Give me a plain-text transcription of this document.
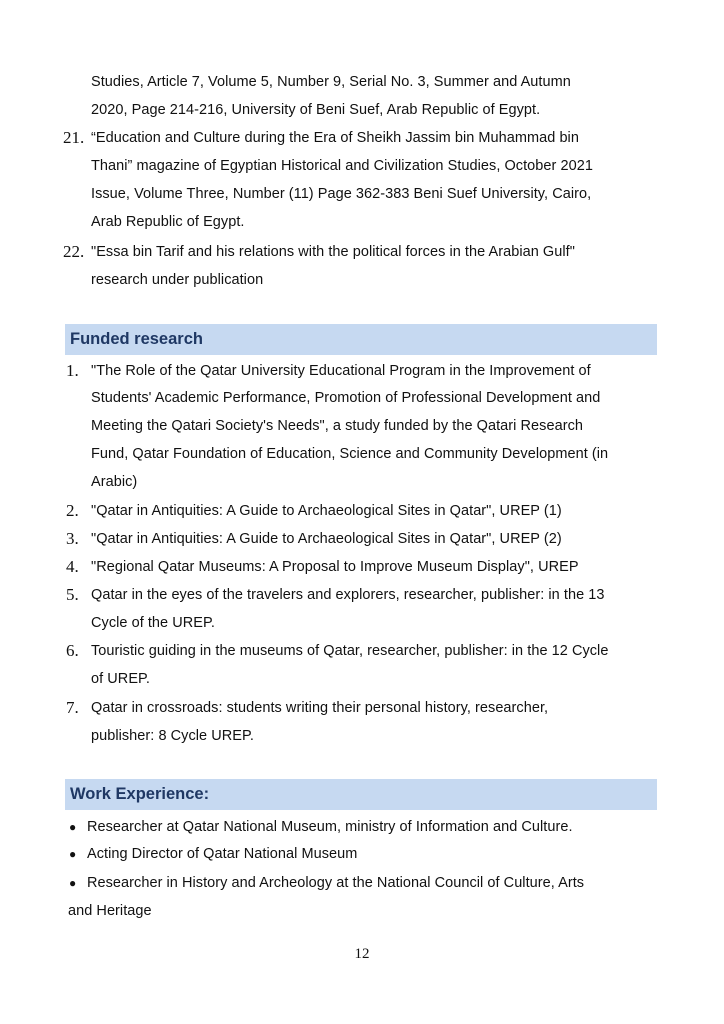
Studies, Article 7, Volume 5, Number 9, Serial No. 3, Summer and Autumn
2020, Page 214-216, University of Beni Suef, Arab Republic of Egypt.
21. “Education and Culture during the Era of Sheikh Jassim bin Muhammad bin
Thani” magazine of Egyptian Historical and Civilization Studies, October 2021
Issue, Volume Three, Number (11) Page 362-383 Beni Suef University, Cairo,
Arab Republic of Egypt.
22. "Essa bin Tarif and his relations with the political forces in the Arabian Gulf"
research under publication
Funded research
1. "The Role of the Qatar University Educational Program in the Improvement of
Students' Academic Performance, Promotion of Professional Development and
Meeting the Qatari Society's Needs", a study funded by the Qatari Research
Fund, Qatar Foundation of Education, Science and Community Development (in
Arabic)
2. "Qatar in Antiquities: A Guide to Archaeological Sites in Qatar", UREP (1)
3. "Qatar in Antiquities: A Guide to Archaeological Sites in Qatar", UREP (2)
4. "Regional Qatar Museums: A Proposal to Improve Museum Display", UREP
5. Qatar in the eyes of the travelers and explorers, researcher, publisher: in the 13
Cycle of the UREP.
6. Touristic guiding in the museums of Qatar, researcher, publisher: in the 12 Cycle
of UREP.
7. Qatar in crossroads: students writing their personal history, researcher,
publisher: 8 Cycle UREP.
Work Experience:
● Researcher at Qatar National Museum, ministry of Information and Culture.
● Acting Director of Qatar National Museum
● Researcher in History and Archeology at the National Council of Culture, Arts
and Heritage
12
